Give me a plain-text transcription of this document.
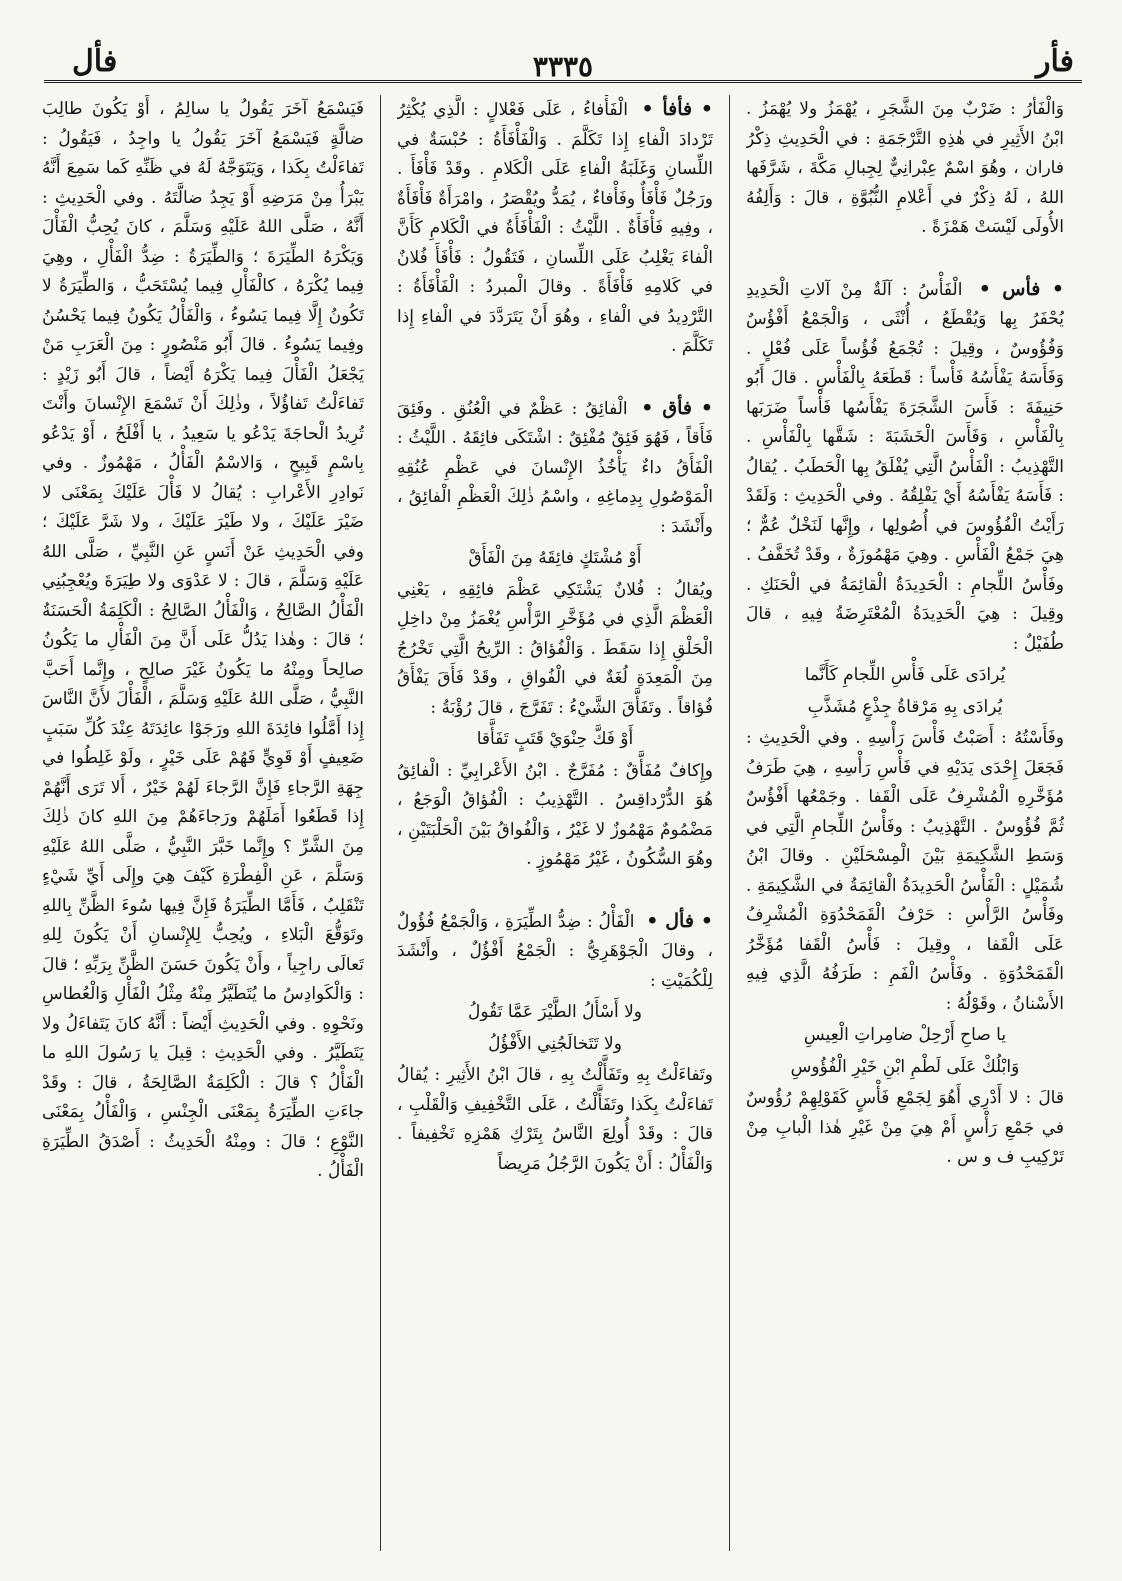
فأر
٣٣٣٥
فأل
وَالْفَأْرُ : ضَرْبٌ مِنَ الشَّجَرِ ، يُهْمَزُ ولا يُهْمَزُ . ابْنُ الأَثِيرِ في هٰذِهِ التَّرْجَمَةِ : في الْحَدِيثِ ذِكْرُ فاران ، وهُوَ اسْمٌ عِبْرانِيٌّ لِجِبالِ مَكَّةَ ، شَرَّفَها اللهُ ، لَهُ ذِكْرٌ في أَعْلامِ النُّبُوَّةِ ، قالَ : وَأَلِفُهُ الأُولَى لَيْسَتْ هَمْزَةً .
• فأس • الْفَأْسُ : آلَةٌ مِنْ آلاتِ الْحَدِيدِ يُحْفَرُ بِها وَيُقْطَعُ ، أُنْثَى ، وَالْجَمْعُ أَفْؤُسٌ وَفُؤُوسٌ ، وقِيلَ : تُجْمَعُ فُؤُساً عَلَى فُعْلٍ . وَفَأَسَهُ يَفْأَسُهُ فَأْساً : قَطَعَهُ بِالْفَأْسِ . قالَ أَبُو حَنِيفَةَ : فَأَسَ الشَّجَرَةَ يَفْأَسُها فَأْساً ضَرَبَها بِالْفَأْسِ ، وَفَأَسَ الْخَشَبَةَ : شَقَّها بِالْفَأْسِ . التَّهْذِيبُ : الْفَأْسُ الَّتِي يُفْلَقُ بِها الْحَطَبُ . يُقالُ : فَأَسَهُ يَفْأَسُهُ أَيْ يَفْلِقُهُ . وفي الْحَدِيثِ : وَلَقَدْ رَأَيْتُ الْفُؤُوسَ في أُصُولِها ، وإِنَّها لَنَخْلٌ عُمٌّ ؛ هِيَ جَمْعُ الْفَأْسِ . وهِيَ مَهْمُوزَةٌ ، وقَدْ تُخَفَّفُ . وفَأْسُ اللِّجامِ : الْحَدِيدَةُ الْقائِمَةُ في الْحَنَكِ . وقِيلَ : هِيَ الْحَدِيدَةُ الْمُعْتَرِضَةُ فِيهِ ، قالَ طُفَيْلٌ :
يُرادَى عَلَى فَأْسِ اللِّجامِ كَأَنَّما
يُرادَى بِهِ مَرْقاةُ جِذْعٍ مُشَذَّبِ
وفَأَسْتُهُ : أَصَبْتُ فَأْسَ رَأْسِهِ . وفي الْحَدِيثِ : فَجَعَلَ إِحْدَى يَدَيْهِ في فَأْسِ رَأْسِهِ ، هِيَ طَرَفُ مُؤَخَّرِهِ الْمُشْرِفُ عَلَى الْقَفا . وجَمْعُها أَفْؤُسٌ ثُمَّ فُؤُوسٌ . التَّهْذِيبُ : وفَأْسُ اللِّجامِ الَّتِي في وَسَطِ الشَّكِيمَةِ بَيْنَ الْمِسْحَلَيْنِ . وقالَ ابْنُ شُمَيْلٍ : الْفَأْسُ الْحَدِيدَةُ الْقائِمَةُ في الشَّكِيمَةِ . وفَأْسُ الرَّأْسِ : حَرْفُ الْقَمَحْدُوَةِ الْمُشْرِفُ عَلَى الْقَفا ، وقِيلَ : فَأْسُ الْقَفا مُؤَخَّرُ الْقَمَحْدُوَةِ . وفَأْسُ الْفَمِ : طَرَفُهُ الَّذِي فِيهِ الأَسْنانُ ، وقَوْلُهُ :
يا صاحِ أَرْحِلْ ضامِراتِ الْعِيسِ
وَابْلُكْ عَلَى لَطْمِ ابْنِ خَيْرِ الْفُؤُوسِ
قالَ : لا أَدْرِي أَهُوَ لِجَمْعِ فَأْسٍ كَقَوْلِهِمْ رُؤُوسٌ في جَمْعِ رَأْسٍ أَمْ هِيَ مِنْ غَيْرِ هٰذا الْبابِ مِنْ تَرْكِيبِ ف و س .
• فأفأ • الْفَأْفاءُ ، عَلَى فَعْلالٍ : الَّذِي يُكْثِرُ تَرْدادَ الْفاءِ إِذا تَكَلَّمَ . وَالْفَأْفَأَةُ : حُبْسَةٌ في اللِّسانِ وَغَلَبَةُ الْفاءِ عَلَى الْكَلامِ . وقَدْ فَأْفَأَ . ورَجُلٌ فَأْفَأٌ وفَأْفاءٌ ، يُمَدُّ ويُقْصَرُ ، وامْرَأَةٌ فَأْفَأَةٌ ، وفِيهِ فَأْفَأَةٌ . اللَّيْثُ : الْفَأْفَأَةُ في الْكَلامِ كَأَنَّ الْفاءَ يَغْلِبُ عَلَى اللِّسانِ ، فَتَقُولُ : فَأْفَأَ فُلانٌ في كَلامِهِ فَأْفَأَةً . وقالَ الْمبردُ : الْفَأْفَأَةُ : التَّرْدِيدُ في الْفاءِ ، وهُوَ أَنْ يَتَرَدَّدَ في الْفاءِ إِذا تَكَلَّمَ .
• فأق • الْفائِقُ : عَظْمٌ في الْعُنُقِ . وفَئِقَ فَأَقاً ، فَهُوَ فَئِقٌ مُفْئِقٌ : اشْتَكَى فائِقَهُ . اللَّيْثُ : الْفَأَقُ داءٌ يَأْخُذُ الإِنْسانَ في عَظْمِ عُنُقِهِ الْمَوْصُولِ بِدِماغِهِ ، واسْمُ ذٰلِكَ الْعَظْمِ الْفائِقُ ، وأَنْشَدَ :
أَوْ مُشْتَكٍ فائِقَهُ مِنَ الْفَأَقْ
ويُقالُ : فُلانٌ يَشْتَكِي عَظْمَ فائِقِهِ ، يَعْنِي الْعَظْمَ الَّذِي في مُؤَخَّرِ الرَّأْسِ يُغْمَزُ مِنْ داخِلِ الْحَلْقِ إِذا سَقَطَ . وَالْفُؤاقُ : الرِّيحُ الَّتِي تَخْرُجُ مِنَ الْمَعِدَةِ لُغَةٌ في الْفُواقِ ، وقَدْ فَأَقَ يَفْأَقُ فُؤاقاً . وتَفَأَّقَ الشَّيْءُ : تَفَرَّجَ ، قالَ رُؤْبَةُ :
أَوْ فَكَّ حِنْوَيْ قَتَبٍ تَفَأَّقا
وإِكافٌ مُفَأَّقٌ : مُفَرَّجٌ . ابْنُ الأَعْرابِيِّ : الْفائِقُ هُوَ الدُّرْداقِسُ . التَّهْذِيبُ : الْفُؤاقُ الْوَجَعُ ، مَضْمُومٌ مَهْمُوزٌ لا غَيْرُ ، وَالْفُواقُ بَيْنَ الْحَلْبَتَيْنِ ، وهُوَ السُّكُونُ ، غَيْرُ مَهْمُوزٍ .
• فأل • الْفَأْلُ : ضِدُّ الطِّيَرَةِ ، وَالْجَمْعُ فُؤُولٌ ، وقالَ الْجَوْهَرِيُّ : الْجَمْعُ أَفْؤُلٌ ، وأَنْشَدَ لِلْكُمَيْتِ :
ولا أَسْأَلُ الطَّيْرَ عَمَّا تَقُولُ
ولا تَتَخالَجُنِي الأَفْؤُلُ
وتَفاءَلْتُ بِهِ وتَفَأَّلْتُ بِهِ ، قالَ ابْنُ الأَثِيرِ : يُقالُ تَفاءَلْتُ بِكَذا وتَفَأَّلْتُ ، عَلَى التَّخْفِيفِ وَالْقَلْبِ ، قالَ : وقَدْ أُولِعَ النَّاسُ بِتَرْكِ هَمْزِهِ تَخْفِيفاً . وَالْفَأْلُ : أَنْ يَكُونَ الرَّجُلُ مَرِيضاً
فَيَسْمَعُ آخَرَ يَقُولُ يا سالِمُ ، أَوْ يَكُونَ طالِبَ ضالَّةٍ فَيَسْمَعُ آخَرَ يَقُولُ يا واجِدُ ، فَيَقُولُ : تَفاءَلْتُ بِكَذا ، وَيَتَوَجَّهُ لَهُ في ظَنِّهِ كَما سَمِعَ أَنَّهُ يَبْرَأُ مِنْ مَرَضِهِ أَوْ يَجِدُ ضالَّتَهُ . وفي الْحَدِيثِ : أَنَّهُ ، صَلَّى اللهُ عَلَيْهِ وَسَلَّمَ ، كانَ يُحِبُّ الْفَأْلَ وَيَكْرَهُ الطِّيَرَةَ ؛ وَالطِّيَرَةُ : ضِدُّ الْفَأْلِ ، وهِيَ فِيما يُكْرَهُ ، كالْفَأْلِ فِيما يُسْتَحَبُّ ، وَالطِّيَرَةُ لا تَكُونُ إِلَّا فِيما يَسُوءُ ، وَالْفَأْلُ يَكُونُ فِيما يَحْسُنُ وفِيما يَسُوءُ . قالَ أَبُو مَنْصُورٍ : مِنَ الْعَرَبِ مَنْ يَجْعَلُ الْفَأْلَ فِيما يَكْرَهُ أَيْضاً ، قالَ أَبُو زَيْدٍ : تَفاءَلْتُ تَفاؤُلاً ، وذٰلِكَ أَنْ تَسْمَعَ الإِنْسانَ وأَنْتَ تُرِيدُ الْحاجَةَ يَدْعُو يا سَعِيدُ ، يا أَفْلَحُ ، أَوْ يَدْعُو بِاسْمٍ قَبِيحٍ ، وَالاسْمُ الْفَأْلُ ، مَهْمُوزٌ . وفي نَوادِرِ الأَعْرابِ : يُقالُ لا فَأْلَ عَلَيْكَ بِمَعْنَى لا ضَيْرَ عَلَيْكَ ، ولا طَيْرَ عَلَيْكَ ، ولا شَرَّ عَلَيْكَ ؛ وفي الْحَدِيثِ عَنْ أَنَسٍ عَنِ النَّبِيِّ ، صَلَّى اللهُ عَلَيْهِ وَسَلَّمَ ، قالَ : لا عَدْوَى ولا طِيَرَةَ ويُعْجِبُنِي الْفَأْلُ الصَّالِحُ ، وَالْفَأْلُ الصَّالِحُ : الْكَلِمَةُ الْحَسَنَةُ ؛ قالَ : وهٰذا يَدُلُّ عَلَى أَنَّ مِنَ الْفَأْلِ ما يَكُونُ صالِحاً ومِنْهُ ما يَكُونُ غَيْرَ صالِحٍ ، وإِنَّما أَحَبَّ النَّبِيُّ ، صَلَّى اللهُ عَلَيْهِ وَسَلَّمَ ، الْفَأْلَ لأَنَّ النَّاسَ إِذا أَمَّلُوا فائِدَةَ اللهِ ورَجَوْا عائِدَتَهُ عِنْدَ كُلِّ سَبَبٍ ضَعِيفٍ أَوْ قَوِيٍّ فَهُمْ عَلَى خَيْرٍ ، ولَوْ غَلِطُوا في جِهَةِ الرَّجاءِ فَإِنَّ الرَّجاءَ لَهُمْ خَيْرٌ ، أَلا تَرَى أَنَّهُمْ إِذا قَطَعُوا أَمَلَهُمْ ورَجاءَهُمْ مِنَ اللهِ كانَ ذٰلِكَ مِنَ الشَّرِّ ؟ وإِنَّما خَبَّرَ النَّبِيُّ ، صَلَّى اللهُ عَلَيْهِ وَسَلَّمَ ، عَنِ الْفِطْرَةِ كَيْفَ هِيَ وإِلَى أَيِّ شَيْءٍ تَنْقَلِبُ ، فَأَمَّا الطِّيَرَةُ فَإِنَّ فِيها سُوءَ الظَّنِّ بِاللهِ وتَوَقُّعَ الْبَلاءِ ، ويُحِبُّ لِلإِنْسانِ أَنْ يَكُونَ لِلهِ تَعالَى راجِياً ، وأَنْ يَكُونَ حَسَنَ الظَّنِّ بِرَبِّهِ ؛ قالَ : وَالْكَوادِسُ ما يُتَطَيَّرُ مِنْهُ مِثْلُ الْفَأْلِ وَالْعُطاسِ ونَحْوِهِ . وفي الْحَدِيثِ أَيْضاً : أَنَّهُ كانَ يَتَفاءَلُ ولا يَتَطَيَّرُ . وفي الْحَدِيثِ : قِيلَ يا رَسُولَ اللهِ ما الْفَأْلُ ؟ قالَ : الْكَلِمَةُ الصَّالِحَةُ ، قالَ : وقَدْ جاءَتِ الطِّيَرَةُ بِمَعْنَى الْجِنْسِ ، وَالْفَأْلُ بِمَعْنَى النَّوْعِ ؛ قالَ : ومِنْهُ الْحَدِيثُ : أَصْدَقُ الطِّيَرَةِ الْفَأْلُ .
